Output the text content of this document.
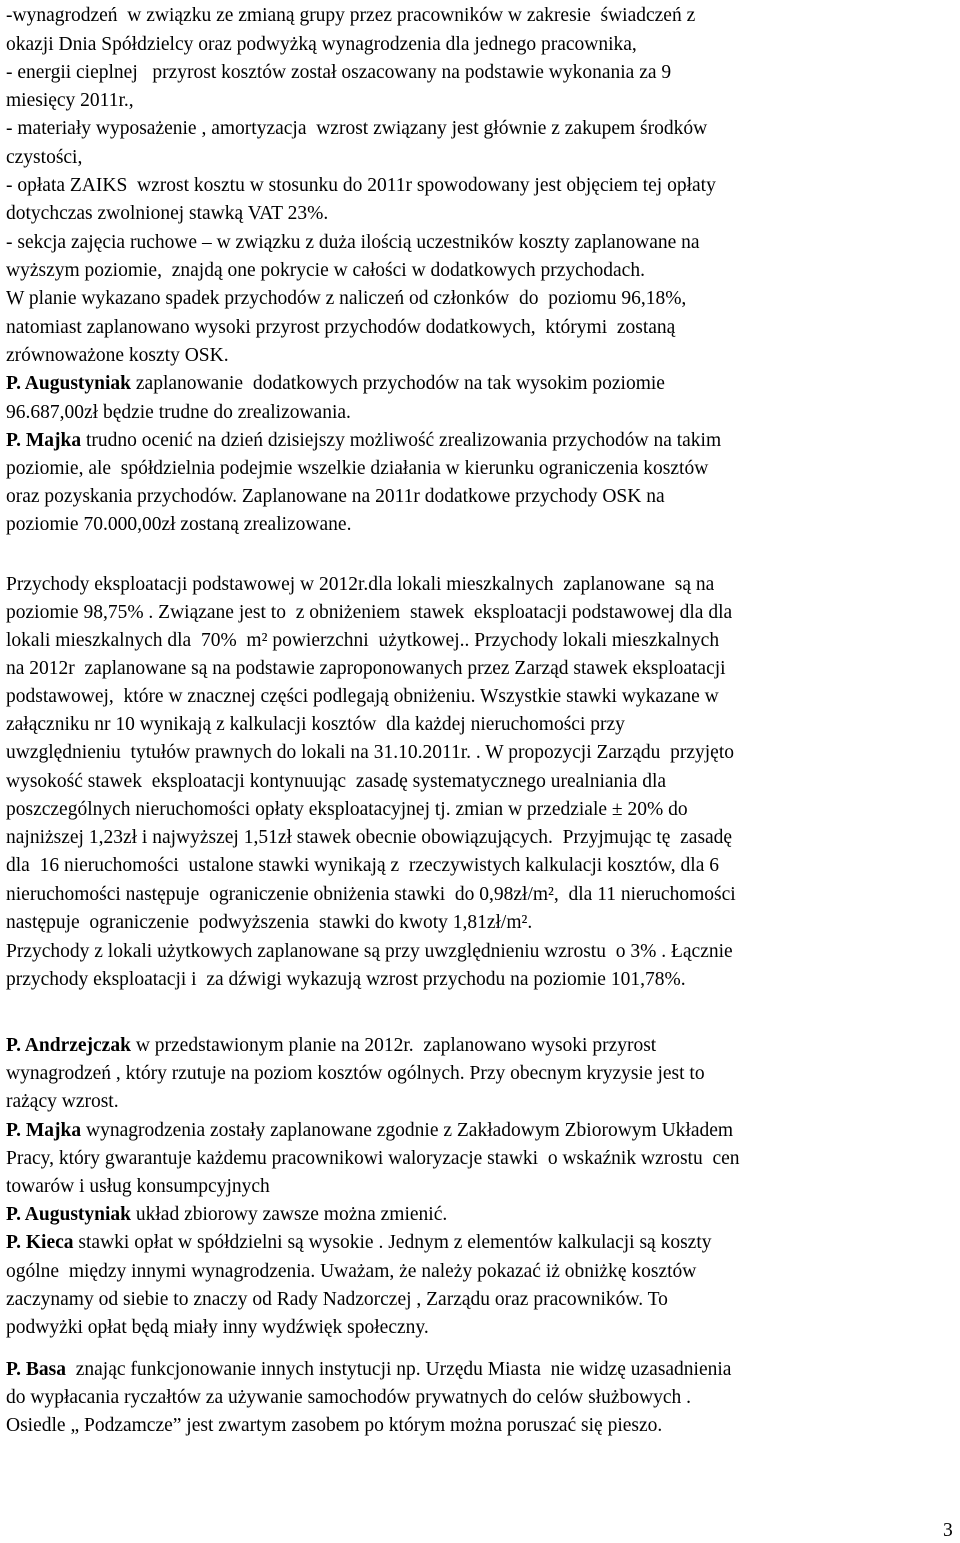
-wynagrodzeń  w związku ze zmianą grupy przez pracowników w zakresie  świadczeń z
okazji Dnia Spółdzielcy oraz podwyżką wynagrodzenia dla jednego pracownika,
- energii cieplnej   przyrost kosztów został oszacowany na podstawie wykonania za 9
miesięcy 2011r.,
- materiały wyposażenie , amortyzacja  wzrost związany jest głównie z zakupem środków
czystości,
- opłata ZAIKS  wzrost kosztu w stosunku do 2011r spowodowany jest objęciem tej opłaty
dotychczas zwolnionej stawką VAT 23%.
- sekcja zajęcia ruchowe – w związku z duża ilością uczestników koszty zaplanowane na
wyższym poziomie,  znajdą one pokrycie w całości w dodatkowych przychodach.
W planie wykazano spadek przychodów z naliczeń od członków  do  poziomu 96,18%,
natomiast zaplanowano wysoki przyrost przychodów dodatkowych,  którymi  zostaną
zrównoważone koszty OSK.
P. Augustyniak zaplanowanie  dodatkowych przychodów na tak wysokim poziomie
96.687,00zł będzie trudne do zrealizowania.
P. Majka trudno ocenić na dzień dzisiejszy możliwość zrealizowania przychodów na takim
poziomie, ale  spółdzielnia podejmie wszelkie działania w kierunku ograniczenia kosztów
oraz pozyskania przychodów. Zaplanowane na 2011r dodatkowe przychody OSK na
poziomie 70.000,00zł zostaną zrealizowane.
Przychody eksploatacji podstawowej w 2012r.dla lokali mieszkalnych  zaplanowane  są na
poziomie 98,75% . Związane jest to  z obniżeniem  stawek  eksploatacji podstawowej dla dla
lokali mieszkalnych dla  70%  m² powierzchni  użytkowej.. Przychody lokali mieszkalnych
na 2012r  zaplanowane są na podstawie zaproponowanych przez Zarząd stawek eksploatacji
podstawowej,  które w znacznej części podlegają obniżeniu. Wszystkie stawki wykazane w
załączniku nr 10 wynikają z kalkulacji kosztów  dla każdej nieruchomości przy
uwzględnieniu  tytułów prawnych do lokali na 31.10.2011r. . W propozycji Zarządu  przyjęto
wysokość stawek  eksploatacji kontynuując  zasadę systematycznego urealniania dla
poszczególnych nieruchomości opłaty eksploatacyjnej tj. zmian w przedziale ± 20% do
najniższej 1,23zł i najwyższej 1,51zł stawek obecnie obowiązujących.  Przyjmując tę  zasadę
dla  16 nieruchomości  ustalone stawki wynikają z  rzeczywistych kalkulacji kosztów, dla 6
nieruchomości następuje  ograniczenie obniżenia stawki  do 0,98zł/m²,  dla 11 nieruchomości
następuje  ograniczenie  podwyższenia  stawki do kwoty 1,81zł/m².
Przychody z lokali użytkowych zaplanowane są przy uwzględnieniu wzrostu  o 3% . Łącznie
przychody eksploatacji i  za dźwigi wykazują wzrost przychodu na poziomie 101,78%.
P. Andrzejczak w przedstawionym planie na 2012r.  zaplanowano wysoki przyrost
wynagrodzeń , który rzutuje na poziom kosztów ogólnych. Przy obecnym kryzysie jest to
rażący wzrost.
P. Majka wynagrodzenia zostały zaplanowane zgodnie z Zakładowym Zbiorowym Układem
Pracy, który gwarantuje każdemu pracownikowi waloryzacje stawki  o wskaźnik wzrostu  cen
towarów i usług konsumpcyjnych
P. Augustyniak układ zbiorowy zawsze można zmienić.
P. Kieca stawki opłat w spółdzielni są wysokie . Jednym z elementów kalkulacji są koszty
ogólne  między innymi wynagrodzenia. Uważam, że należy pokazać iż obniżkę kosztów
zaczynamy od siebie to znaczy od Rady Nadzorczej , Zarządu oraz pracowników. To
podwyżki opłat będą miały inny wydźwięk społeczny.
P. Basa  znając funkcjonowanie innych instytucji np. Urzędu Miasta  nie widzę uzasadnienia
do wypłacania ryczałtów za używanie samochodów prywatnych do celów służbowych .
Osiedle „ Podzamcze” jest zwartym zasobem po którym można poruszać się pieszo.
3
